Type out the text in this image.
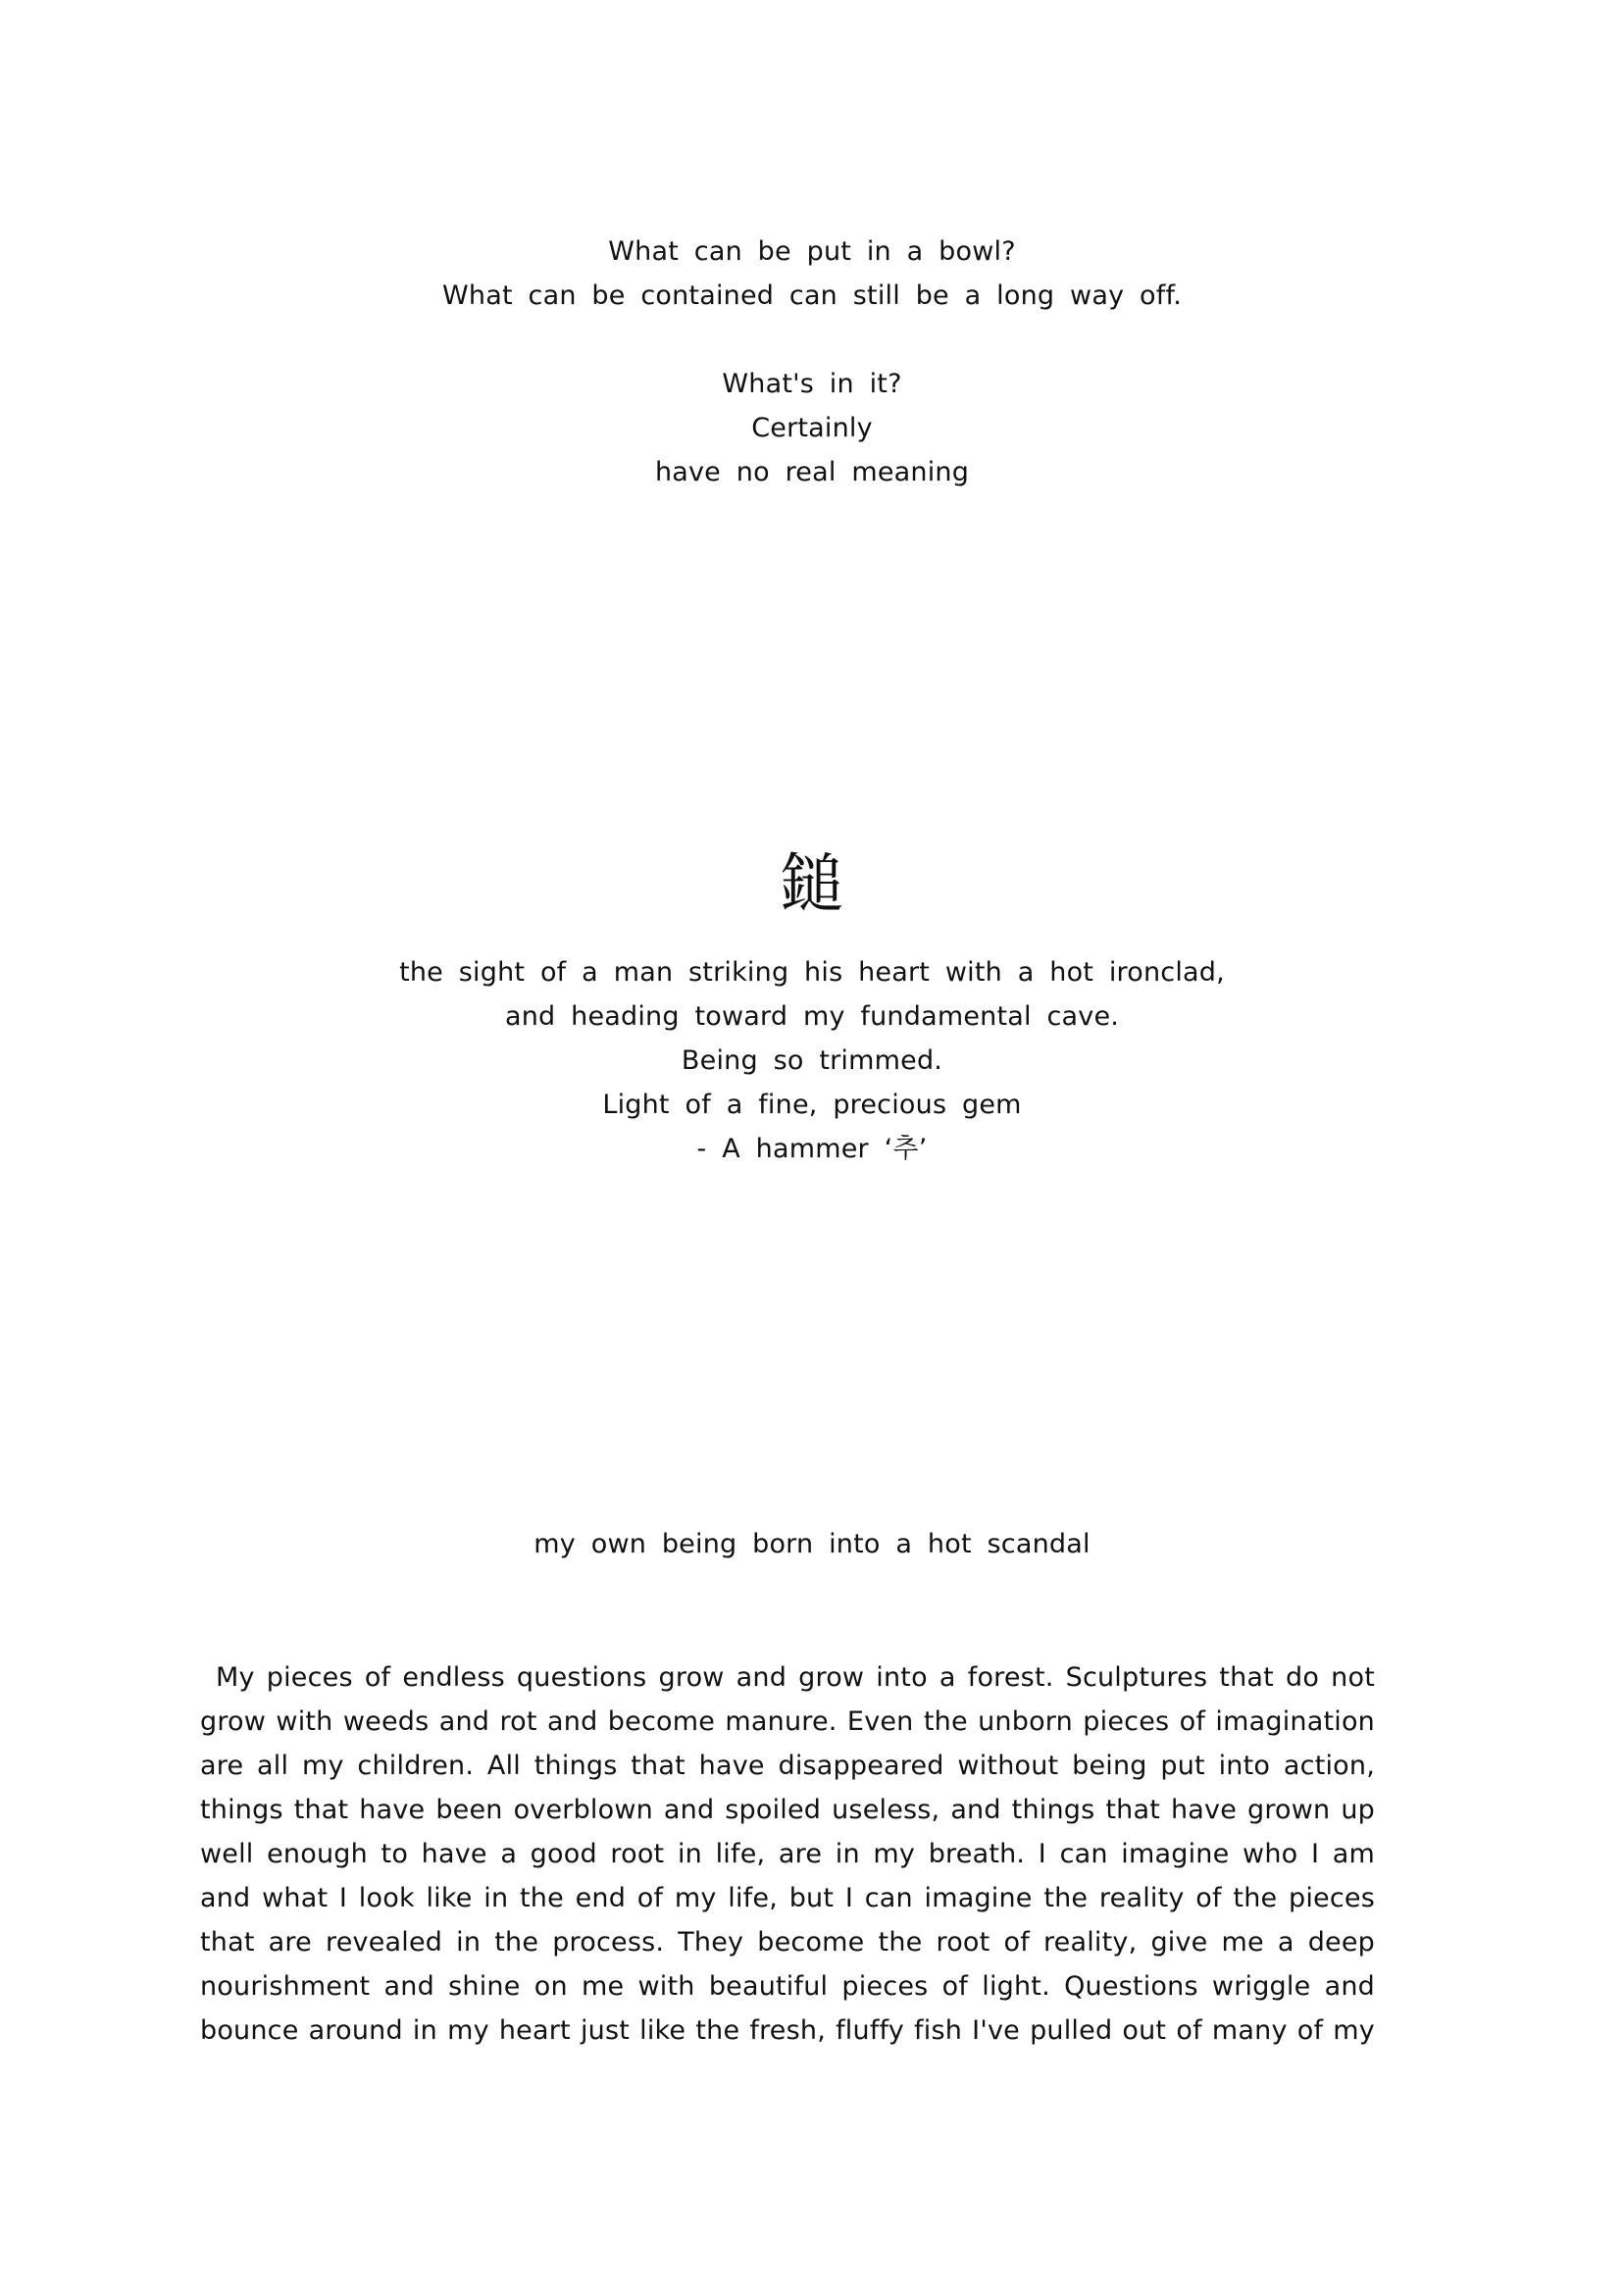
What can be put in a bowl?
What can be contained can still be a long way off.
What's in it?
Certainly
have no real meaning
鎚
the sight of a man striking his heart with a hot ironclad,
and heading toward my fundamental cave.
Being so trimmed.
Light of a fine, precious gem
- A hammer ‘추’
my own being born into a hot scandal
My pieces of endless questions grow and grow into a forest. Sculptures that do not
grow with weeds and rot and become manure. Even the unborn pieces of imagination
are all my children. All things that have disappeared without being put into action,
things that have been overblown and spoiled useless, and things that have grown up
well enough to have a good root in life, are in my breath. I can imagine who I am
and what I look like in the end of my life, but I can imagine the reality of the pieces
that are revealed in the process. They become the root of reality, give me a deep
nourishment and shine on me with beautiful pieces of light. Questions wriggle and
bounce around in my heart just like the fresh, fluffy fish I've pulled out of many of my
